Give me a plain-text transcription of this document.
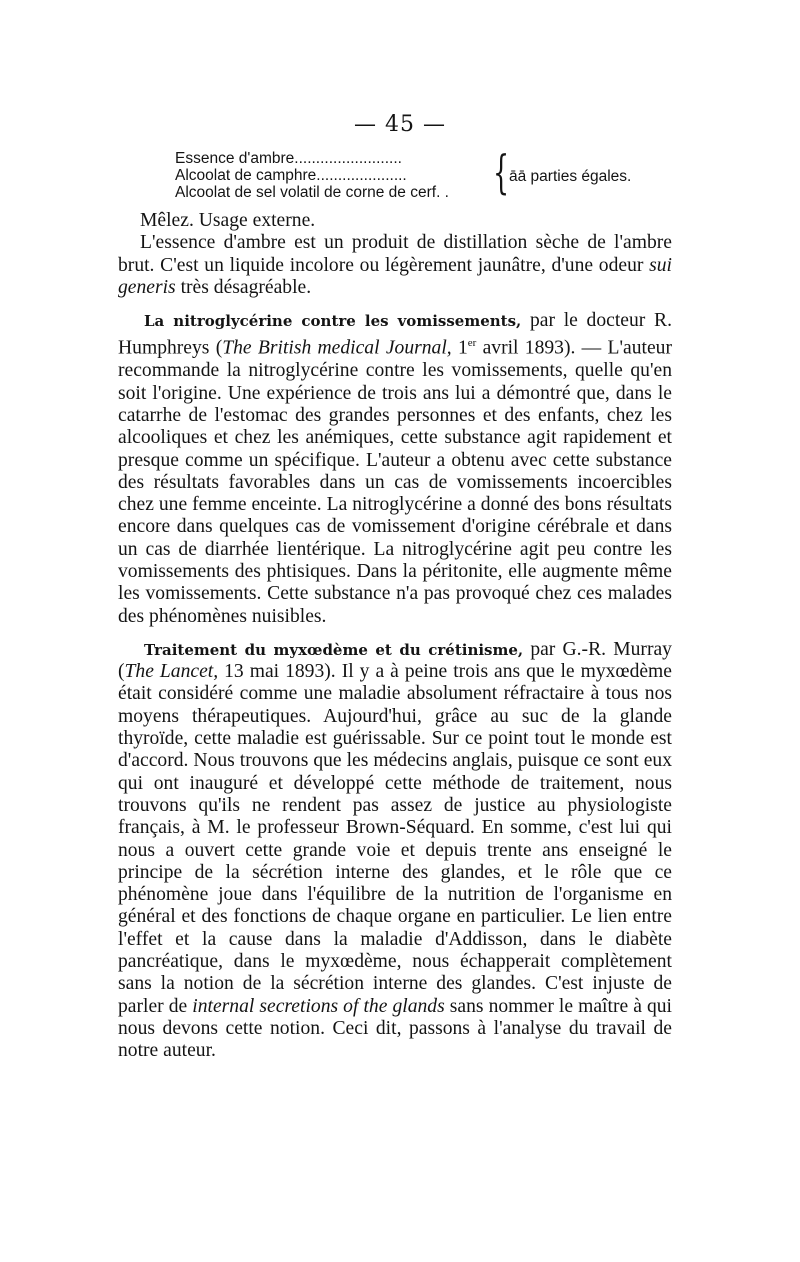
— 45 —
Essence d'ambre.........................
Alcoolat de camphre.....................
Alcoolat de sel volatil de corne de cerf. . { āā parties égales.

Mêlez. Usage externe.

L'essence d'ambre est un produit de distillation sèche de l'ambre brut. C'est un liquide incolore ou légèrement jaunâtre, d'une odeur sui generis très désagréable.

La nitroglycérine contre les vomissements, par le docteur R. Humphreys (The British medical Journal, 1er avril 1893). — L'auteur recommande la nitroglycérine contre les vomissements, quelle qu'en soit l'origine. Une expérience de trois ans lui a démontré que, dans le catarrhe de l'estomac des grandes personnes et des enfants, chez les alcooliques et chez les anémiques, cette substance agit rapidement et presque comme un spécifique. L'auteur a obtenu avec cette substance des résultats favorables dans un cas de vomissements incoercibles chez une femme enceinte. La nitroglycérine a donné des bons résultats encore dans quelques cas de vomissement d'origine cérébrale et dans un cas de diarrhée lientérique. La nitroglycérine agit peu contre les vomissements des phtisiques. Dans la péritonite, elle augmente même les vomissements. Cette substance n'a pas provoqué chez ces malades des phénomènes nuisibles.

Traitement du myxœdème et du crétinisme, par G.-R. Murray (The Lancet, 13 mai 1893). Il y a à peine trois ans que le myxœdème était considéré comme une maladie absolument réfractaire à tous nos moyens thérapeutiques. Aujourd'hui, grâce au suc de la glande thyroïde, cette maladie est guérissable. Sur ce point tout le monde est d'accord. Nous trouvons que les médecins anglais, puisque ce sont eux qui ont inauguré et développé cette méthode de traitement, nous trouvons qu'ils ne rendent pas assez de justice au physiologiste français, à M. le professeur Brown-Séquard. En somme, c'est lui qui nous a ouvert cette grande voie et depuis trente ans enseigné le principe de la sécrétion interne des glandes, et le rôle que ce phénomène joue dans l'équilibre de la nutrition de l'organisme en général et des fonctions de chaque organe en particulier. Le lien entre l'effet et la cause dans la maladie d'Addisson, dans le diabète pancréatique, dans le myxœdème, nous échapperait complètement sans la notion de la sécrétion interne des glandes. C'est injuste de parler de internal secretions of the glands sans nommer le maître à qui nous devons cette notion. Ceci dit, passons à l'analyse du travail de notre auteur.
